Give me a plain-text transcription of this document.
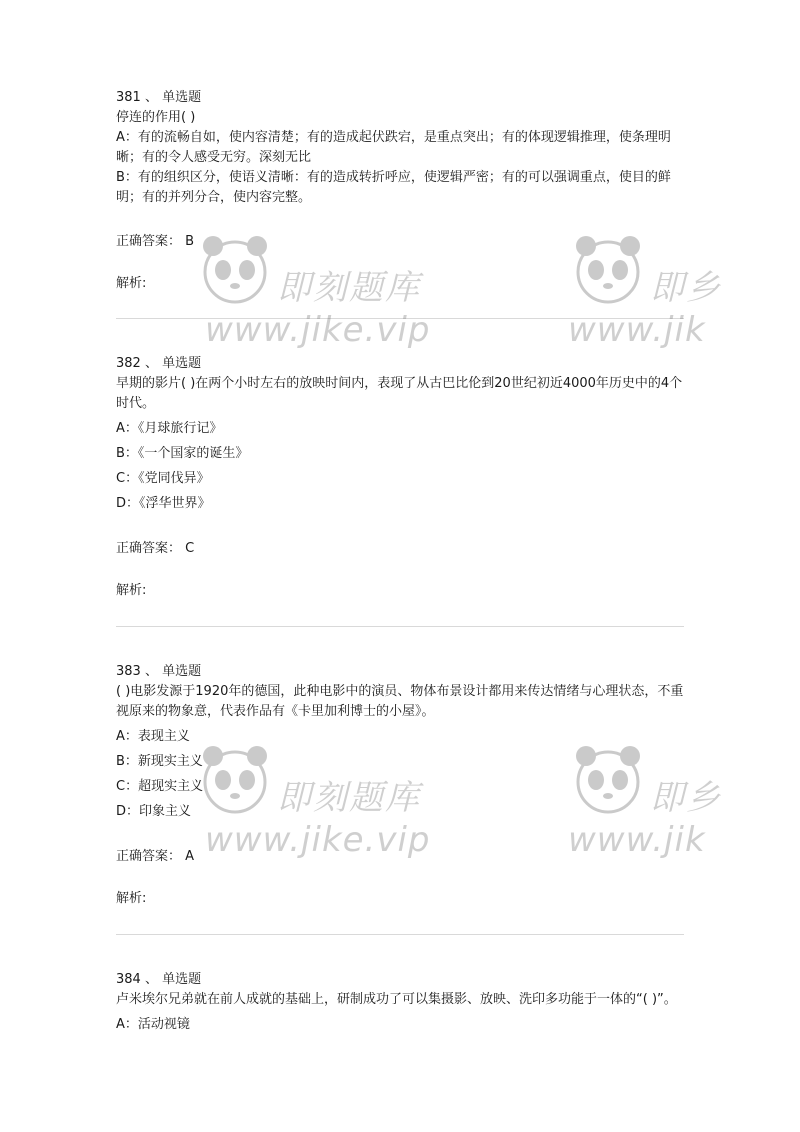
381 、 单选题
停连的作用( )
A：有的流畅自如，使内容清楚；有的造成起伏跌宕，是重点突出；有的体现逻辑推理，使条理明晰；有的令人感受无穷。深刻无比
B：有的组织区分，使语义清晰：有的造成转折呼应，使逻辑严密；有的可以强调重点，使目的鲜明；有的并列分合，使内容完整。
正确答案： B
解析:
382 、 单选题
早期的影片( )在两个小时左右的放映时间内，表现了从古巴比伦到20世纪初近4000年历史中的4个时代。
A：《月球旅行记》
B：《一个国家的诞生》
C：《党同伐异》
D：《浮华世界》
正确答案： C
解析:
383 、 单选题
( )电影发源于1920年的德国，此种电影中的演员、物体布景设计都用来传达情绪与心理状态，不重视原来的物象意，代表作品有《卡里加利博士的小屋》。
A：表现主义
B：新现实主义
C：超现实主义
D：印象主义
正确答案： A
解析:
384 、 单选题
卢米埃尔兄弟就在前人成就的基础上，研制成功了可以集摄影、放映、洗印多功能于一体的“( )”。
A：活动视镜
即刻题库
www.jike.vip
即乡
www.jik
即刻题库
www.jike.vip
即乡
www.jik
